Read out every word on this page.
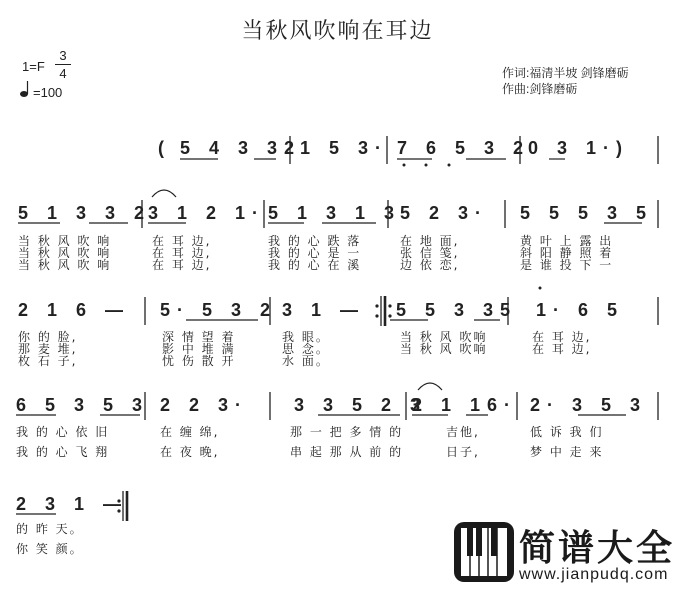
当秋风吹响在耳边
1=F
3
4
=100
作词:福清半坡 剑锋磨砺
作曲:剑锋磨砺
( 5 4 3 32
1 5 3· 7 6 5 3 2
0 3 1·)
5 1 3 3 2
3 1 2 1· 5 1 3 1 3
5 2 3· 5 5 5 3 5
当 秋 风 吹 响	在 耳 边,	我 的 心 跌 落	在 地 面,	黄 叶 上 露 出
当 秋 风 吹 响	在 耳 边,	我 的 心 是 一	张 信 笺,	斜 阳 静 照 着
当 秋 风 吹 响	在 耳 边,	我 的 心 在 溪	边 依 恋,	是 谁 投 下 一
2 1 6 — 5· 5 3 2 3 1 — 5 5 3 35 1· 6 5
你 的 脸,	深 情 望 着	我 眼。	当 秋 风 吹响	在 耳 边,
那 麦 堆,	影 中 堆 满	思 念。	当 秋 风 吹响	在 耳 边,
枚 石 子,	忧 伤 散 开	水 面。
6 5 3 5 3 2 2 3·	3 3 5 2 3
2 1 16· 2· 3 5 3
我 的 心 依 旧	在 缠 绵,	那 一 把 多 情 的	吉他,	低 诉 我 们
我 的 心 飞 翔	在 夜 晚,	串 起 那 从 前 的	日子,	梦 中 走 来
2 3 1 —
的 昨 天。
你 笑 颜。	简谱大全
www.jianpudq.com
